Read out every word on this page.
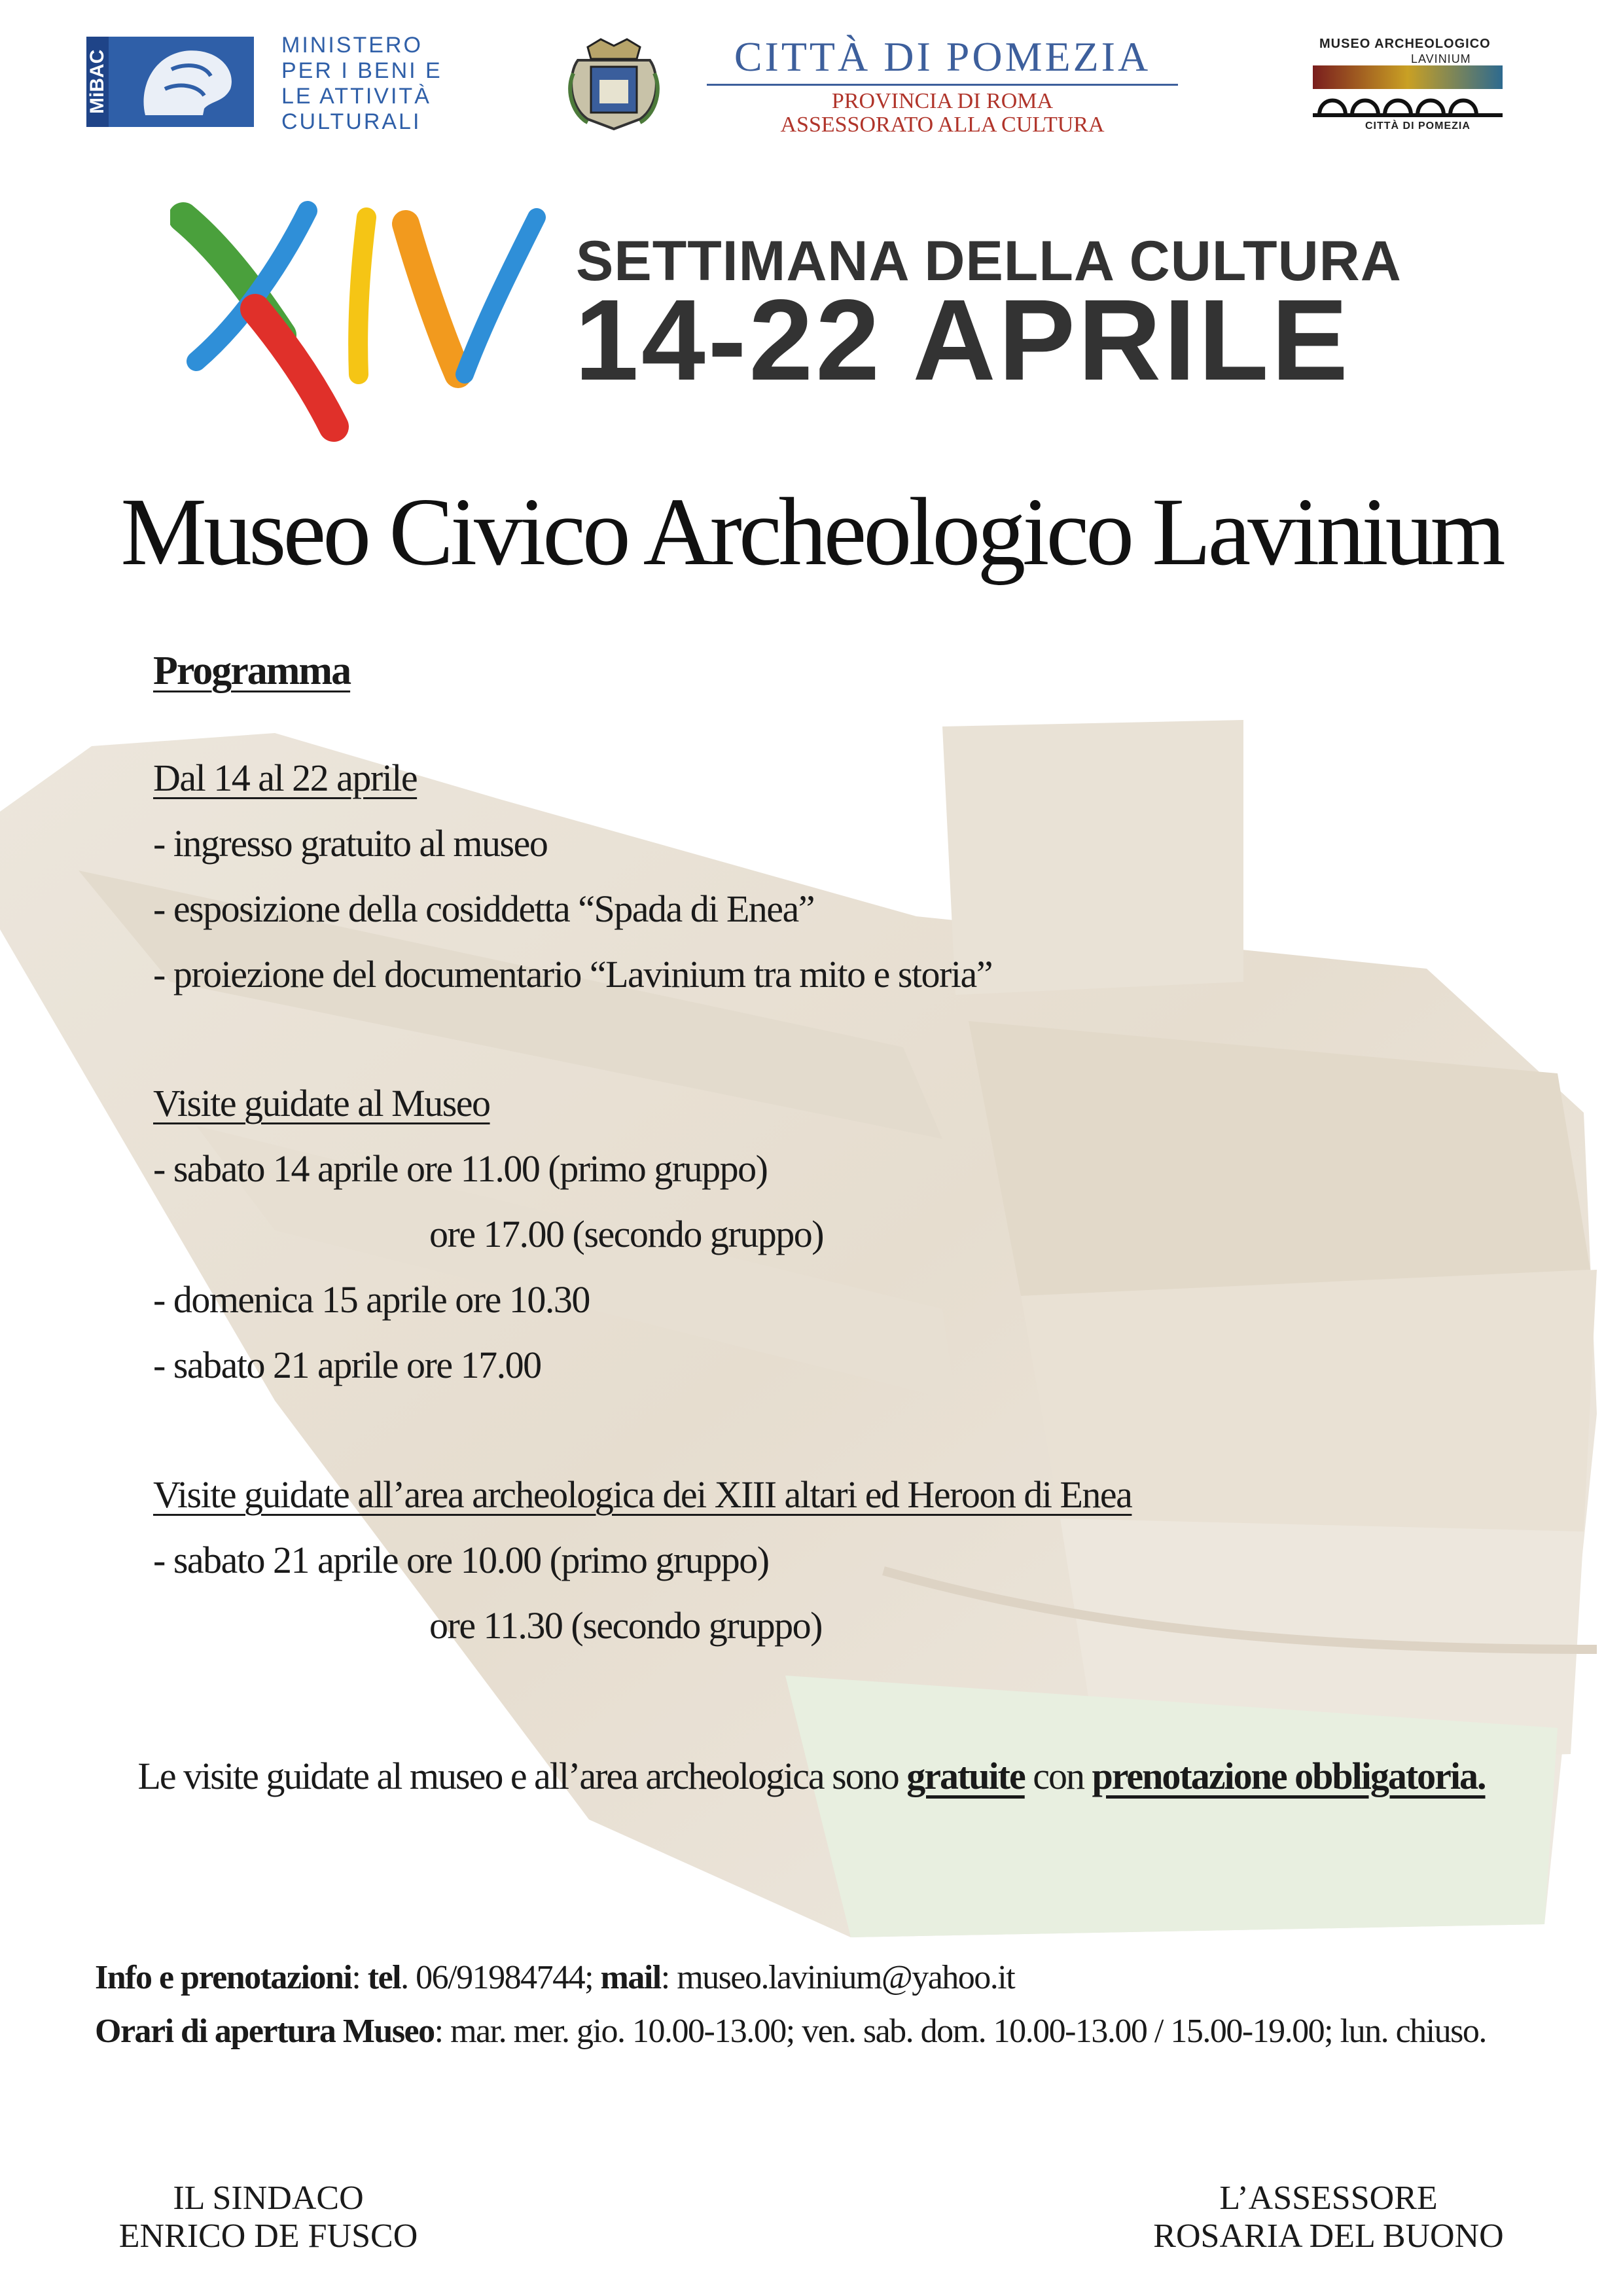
MiBAC
MINISTERO
PER I BENI E
LE ATTIVITÀ
CULTURALI
CITTÀ DI POMEZIA
PROVINCIA DI ROMA
ASSESSORATO ALLA CULTURA
MUSEO ARCHEOLOGICO
LAVINIUM
CITTÀ DI POMEZIA
SETTIMANA DELLA CULTURA
14-22 APRILE
Museo Civico Archeologico Lavinium
Programma
Dal 14 al 22 aprile
- ingresso gratuito al museo
- esposizione della cosiddetta “Spada di Enea”
- proiezione del documentario “Lavinium tra mito e storia”
Visite guidate al Museo
- sabato 14 aprile ore 11.00 (primo gruppo)
ore 17.00 (secondo gruppo)
- domenica 15 aprile ore 10.30
- sabato 21 aprile ore 17.00
Visite guidate all’area archeologica dei XIII altari ed Heroon di Enea
- sabato 21 aprile ore 10.00 (primo gruppo)
ore 11.30 (secondo gruppo)
Le visite guidate al museo e all’area archeologica sono gratuite con prenotazione obbligatoria.
Info e prenotazioni: tel. 06/91984744; mail: museo.lavinium@yahoo.it
Orari di apertura Museo: mar. mer. gio. 10.00-13.00; ven. sab. dom. 10.00-13.00 / 15.00-19.00; lun. chiuso.
IL SINDACO
ENRICO DE FUSCO
L’ASSESSORE
ROSARIA DEL BUONO
